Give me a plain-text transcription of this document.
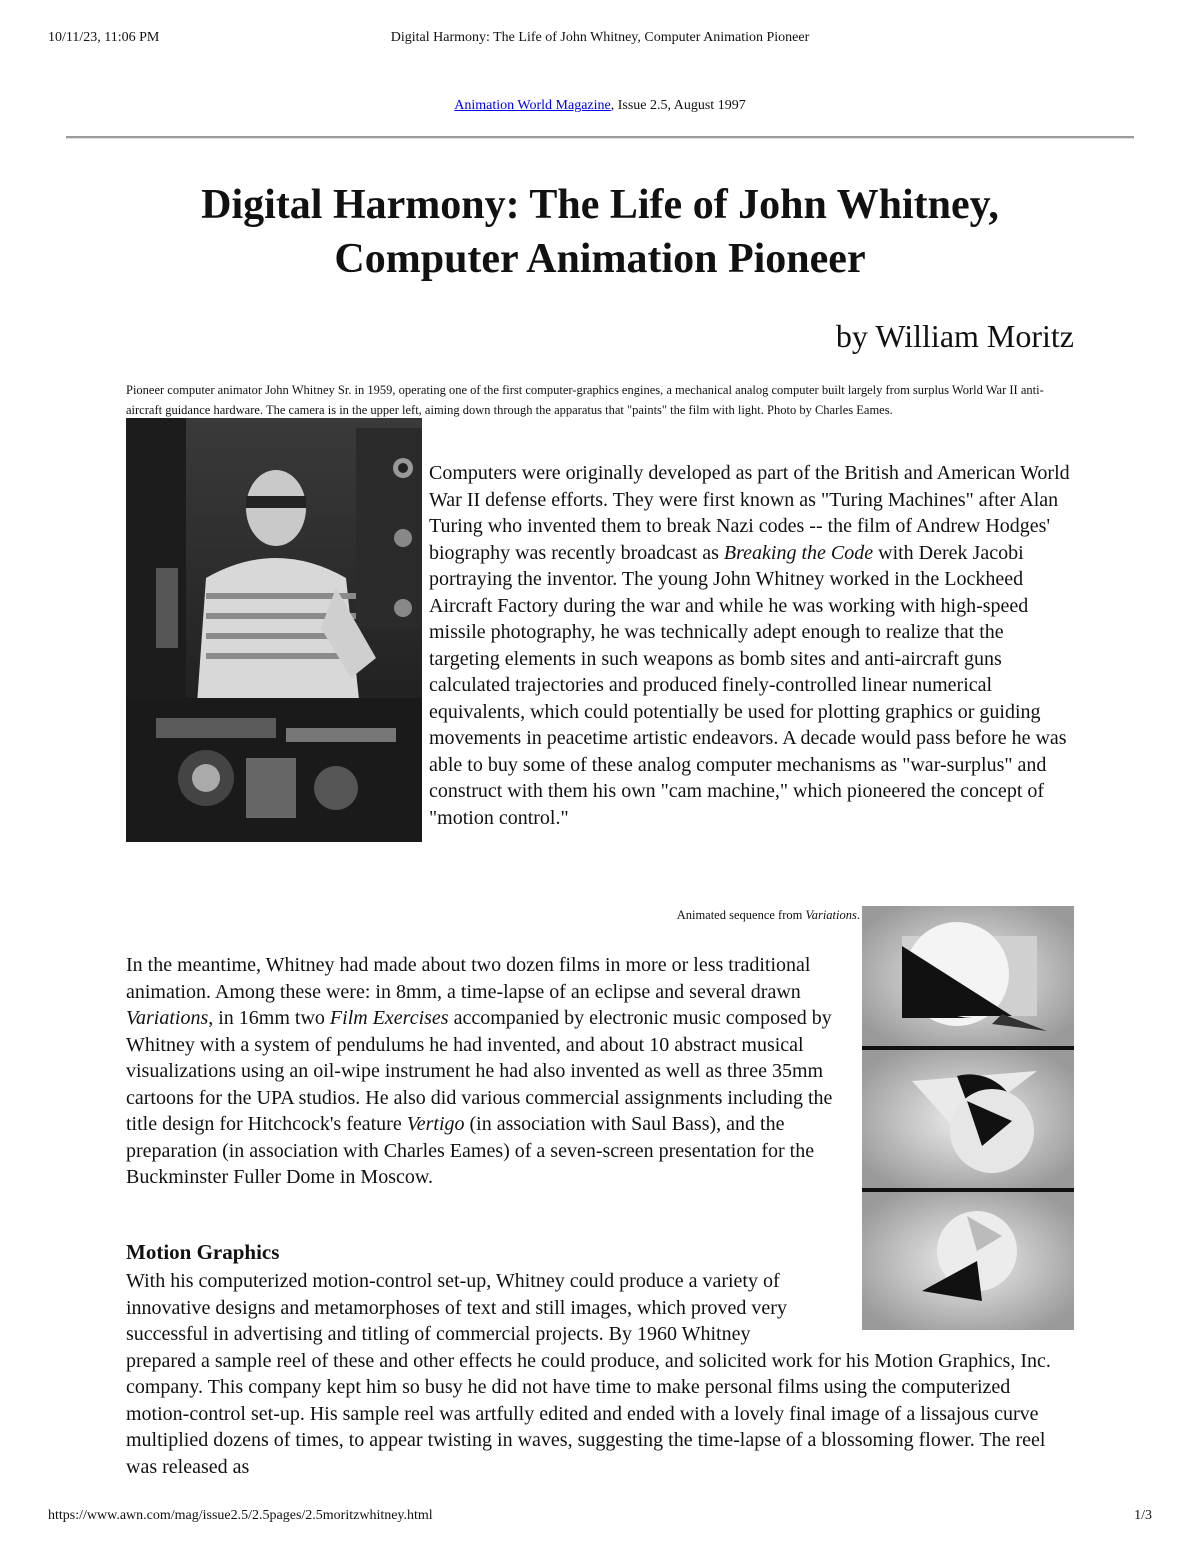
10/11/23, 11:06 PM	Digital Harmony: The Life of John Whitney, Computer Animation Pioneer
Animation World Magazine, Issue 2.5, August 1997
Digital Harmony: The Life of John Whitney,
Computer Animation Pioneer
by William Moritz

Pioneer computer animator John Whitney Sr. in 1959, operating one of the first computer-graphics engines, a mechanical analog computer built largely from surplus World War II anti-aircraft guidance hardware. The camera is in the upper left, aiming down through the apparatus that "paints" the film with light. Photo by Charles Eames.

Computers were originally developed as part of the British and American World War II defense efforts. They were first known as "Turing Machines" after Alan Turing who invented them to break Nazi codes -- the film of Andrew Hodges' biography was recently broadcast as Breaking the Code with Derek Jacobi portraying the inventor. The young John Whitney worked in the Lockheed Aircraft Factory during the war and while he was working with high-speed missile photography, he was technically adept enough to realize that the targeting elements in such weapons as bomb sites and anti-aircraft guns calculated trajectories and produced finely-controlled linear numerical equivalents, which could potentially be used for plotting graphics or guiding movements in peacetime artistic endeavors. A decade would pass before he was able to buy some of these analog computer mechanisms as "war-surplus" and construct with them his own "cam machine," which pioneered the concept of "motion control."

Animated sequence from Variations.

In the meantime, Whitney had made about two dozen films in more or less traditional animation. Among these were: in 8mm, a time-lapse of an eclipse and several drawn Variations, in 16mm two Film Exercises accompanied by electronic music composed by Whitney with a system of pendulums he had invented, and about 10 abstract musical visualizations using an oil-wipe instrument he had also invented as well as three 35mm cartoons for the UPA studios. He also did various commercial assignments including the title design for Hitchcock's feature Vertigo (in association with Saul Bass), and the preparation (in association with Charles Eames) of a seven-screen presentation for the Buckminster Fuller Dome in Moscow.

Motion Graphics

With his computerized motion-control set-up, Whitney could produce a variety of innovative designs and metamorphoses of text and still images, which proved very successful in advertising and titling of commercial projects. By 1960 Whitney prepared a sample reel of these and other effects he could produce, and solicited work for his Motion Graphics, Inc. company. This company kept him so busy he did not have time to make personal films using the computerized motion-control set-up. His sample reel was artfully edited and ended with a lovely final image of a lissajous curve multiplied dozens of times, to appear twisting in waves, suggesting the time-lapse of a blossoming flower. The reel was released as

https://www.awn.com/mag/issue2.5/2.5pages/2.5moritzwhitney.html	1/3
